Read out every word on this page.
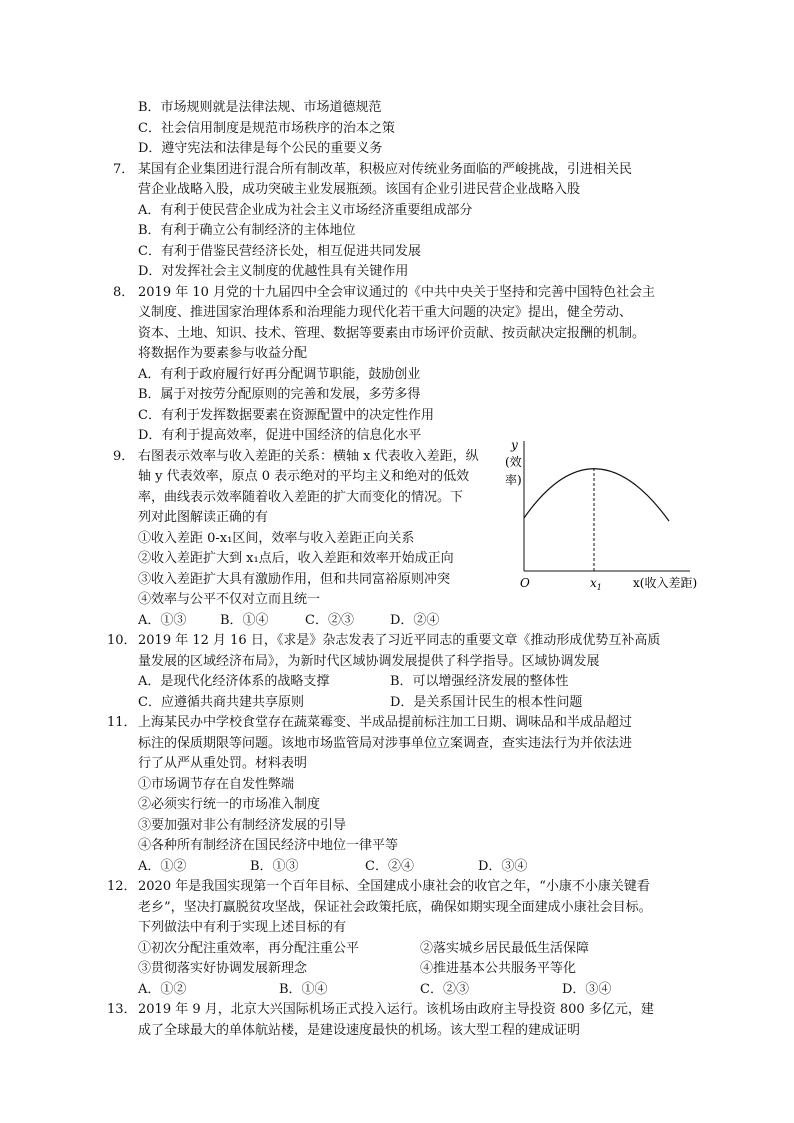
B．市场规则就是法律法规、市场道德规范
C．社会信用制度是规范市场秩序的治本之策
D．遵守宪法和法律是每个公民的重要义务
7． 某国有企业集团进行混合所有制改革，积极应对传统业务面临的严峻挑战，引进相关民
营企业战略入股，成功突破主业发展瓶颈。该国有企业引进民营企业战略入股
A．有利于使民营企业成为社会主义市场经济重要组成部分
B．有利于确立公有制经济的主体地位
C．有利于借鉴民营经济长处，相互促进共同发展
D．对发挥社会主义制度的优越性具有关键作用
8． 2019 年 10 月党的十九届四中全会审议通过的《中共中央关于坚持和完善中国特色社会主
义制度、推进国家治理体系和治理能力现代化若干重大问题的决定》提出，健全劳动、
资本、土地、知识、技术、管理、数据等要素由市场评价贡献、按贡献决定报酬的机制。
将数据作为要素参与收益分配
A．有利于政府履行好再分配调节职能，鼓励创业
B．属于对按劳分配原则的完善和发展，多劳多得
C．有利于发挥数据要素在资源配置中的决定性作用
D．有利于提高效率，促进中国经济的信息化水平
9． 右图表示效率与收入差距的关系：横轴 x 代表收入差距，纵
轴 y 代表效率，原点 0 表示绝对的平均主义和绝对的低效
率，曲线表示效率随着收入差距的扩大而变化的情况。下
列对此图解读正确的有
①收入差距 0-x₁区间，效率与收入差距正向关系
②收入差距扩大到 x₁点后，收入差距和效率开始成正向
③收入差距扩大具有激励作用，但和共同富裕原则冲突
④效率与公平不仅对立而且统一
A．①③	B．①④	C．②③	D．②④
y
(效
率)
O	$x_1$	x(收入差距)
10． 2019 年 12 月 16 日，《求是》杂志发表了习近平同志的重要文章《推动形成优势互补高质
量发展的区域经济布局》，为新时代区域协调发展提供了科学指导。区域协调发展
A．是现代化经济体系的战略支撑	B．可以增强经济发展的整体性
C．应遵循共商共建共享原则	D．是关系国计民生的根本性问题
11． 上海某民办中学校食堂存在蔬菜霉变、半成品提前标注加工日期、调味品和半成品超过
标注的保质期限等问题。该地市场监管局对涉事单位立案调查，查实违法行为并依法进
行了从严从重处罚。材料表明
①市场调节存在自发性弊端
②必须实行统一的市场准入制度
③要加强对非公有制经济发展的引导
④各种所有制经济在国民经济中地位一律平等
A．①②	B．①③	C．②④	D．③④
12． 2020 年是我国实现第一个百年目标、全国建成小康社会的收官之年，“小康不小康关键看
老乡”，坚决打赢脱贫攻坚战，保证社会政策托底，确保如期实现全面建成小康社会目标。
下列做法中有利于实现上述目标的有
①初次分配注重效率，再分配注重公平	②落实城乡居民最低生活保障
③贯彻落实好协调发展新理念	④推进基本公共服务平等化
A．①②	B．①④	C．②③	D．③④
13． 2019 年 9 月，北京大兴国际机场正式投入运行。该机场由政府主导投资 800 多亿元，建
成了全球最大的单体航站楼，是建设速度最快的机场。该大型工程的建成证明
